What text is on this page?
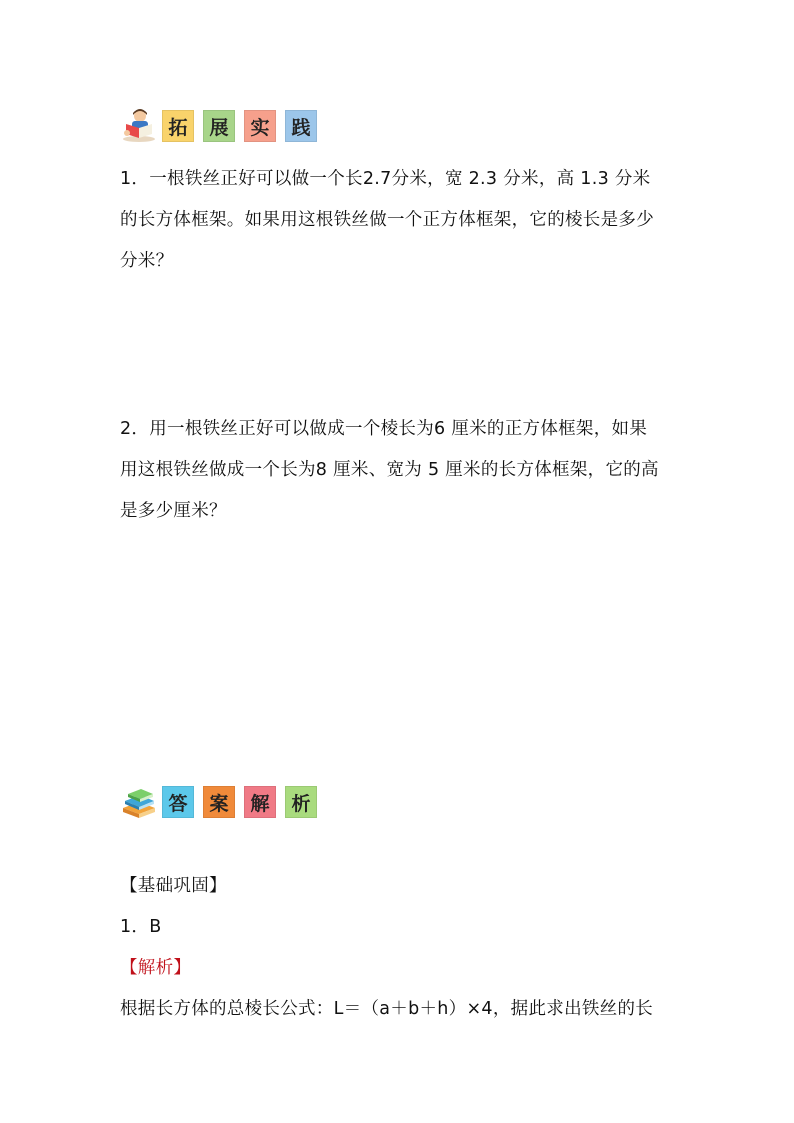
拓	展	实	践
1．一根铁丝正好可以做一个长2.7分米，宽 2.3 分米，高 1.3 分米
的长方体框架。如果用这根铁丝做一个正方体框架，它的棱长是多少
分米？
2．用一根铁丝正好可以做成一个棱长为6 厘米的正方体框架，如果
用这根铁丝做成一个长为8 厘米、宽为 5 厘米的长方体框架，它的高
是多少厘米？
答	案	解	析
【基础巩固】
1．B
【解析】
根据长方体的总棱长公式：L＝（a＋b＋h）×4，据此求出铁丝的长
